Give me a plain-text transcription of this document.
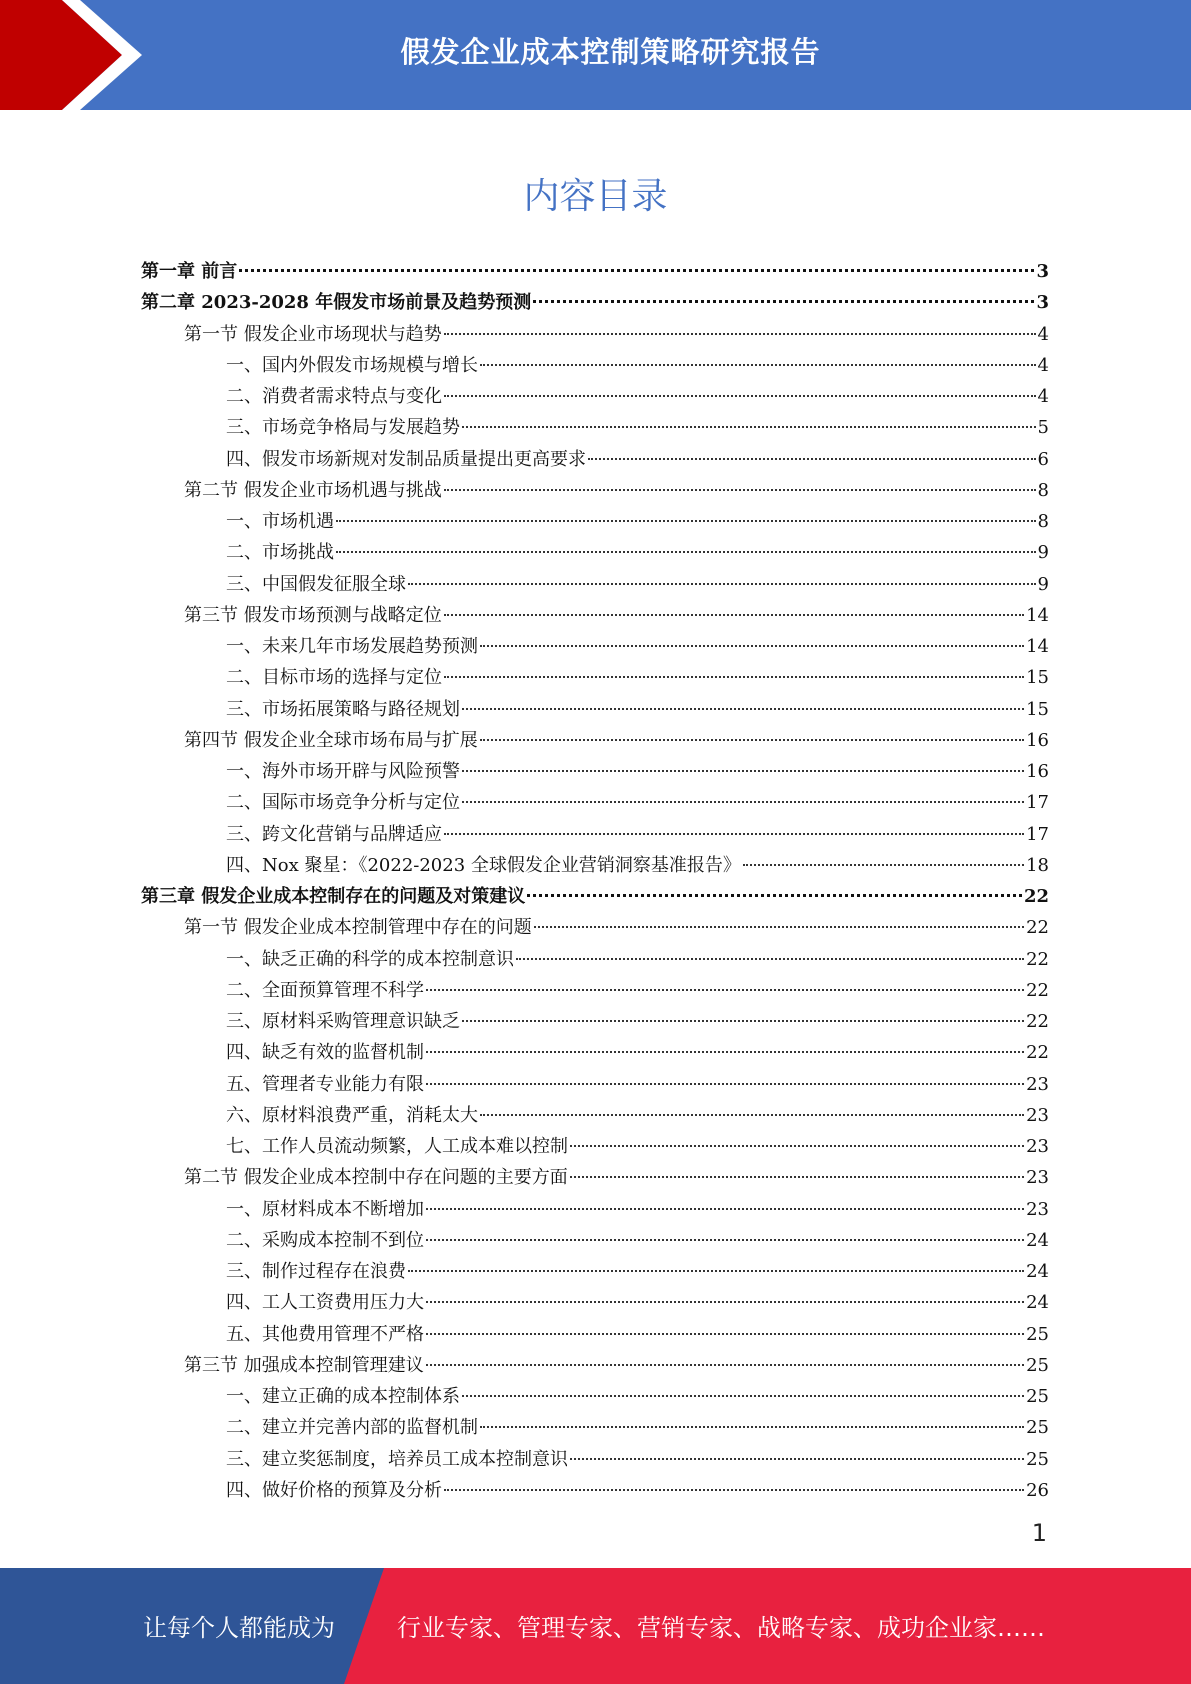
假发企业成本控制策略研究报告
内容目录
第一章 前言	3
第二章 2023-2028 年假发市场前景及趋势预测	3
第一节 假发企业市场现状与趋势	4
一、国内外假发市场规模与增长	4
二、消费者需求特点与变化	4
三、市场竞争格局与发展趋势	5
四、假发市场新规对发制品质量提出更高要求	6
第二节 假发企业市场机遇与挑战	8
一、市场机遇	8
二、市场挑战	9
三、中国假发征服全球	9
第三节 假发市场预测与战略定位	14
一、未来几年市场发展趋势预测	14
二、目标市场的选择与定位	15
三、市场拓展策略与路径规划	15
第四节 假发企业全球市场布局与扩展	16
一、海外市场开辟与风险预警	16
二、国际市场竞争分析与定位	17
三、跨文化营销与品牌适应	17
四、Nox 聚星：《2022-2023 全球假发企业营销洞察基准报告》	18
第三章 假发企业成本控制存在的问题及对策建议	22
第一节 假发企业成本控制管理中存在的问题	22
一、缺乏正确的科学的成本控制意识	22
二、全面预算管理不科学	22
三、原材料采购管理意识缺乏	22
四、缺乏有效的监督机制	22
五、管理者专业能力有限	23
六、原材料浪费严重，消耗太大	23
七、工作人员流动频繁，人工成本难以控制	23
第二节 假发企业成本控制中存在问题的主要方面	23
一、原材料成本不断增加	23
二、采购成本控制不到位	24
三、制作过程存在浪费	24
四、工人工资费用压力大	24
五、其他费用管理不严格	25
第三节 加强成本控制管理建议	25
一、建立正确的成本控制体系	25
二、建立并完善内部的监督机制	25
三、建立奖惩制度，培养员工成本控制意识	25
四、做好价格的预算及分析	26
1
让每个人都能成为	行业专家、管理专家、营销专家、战略专家、成功企业家……
